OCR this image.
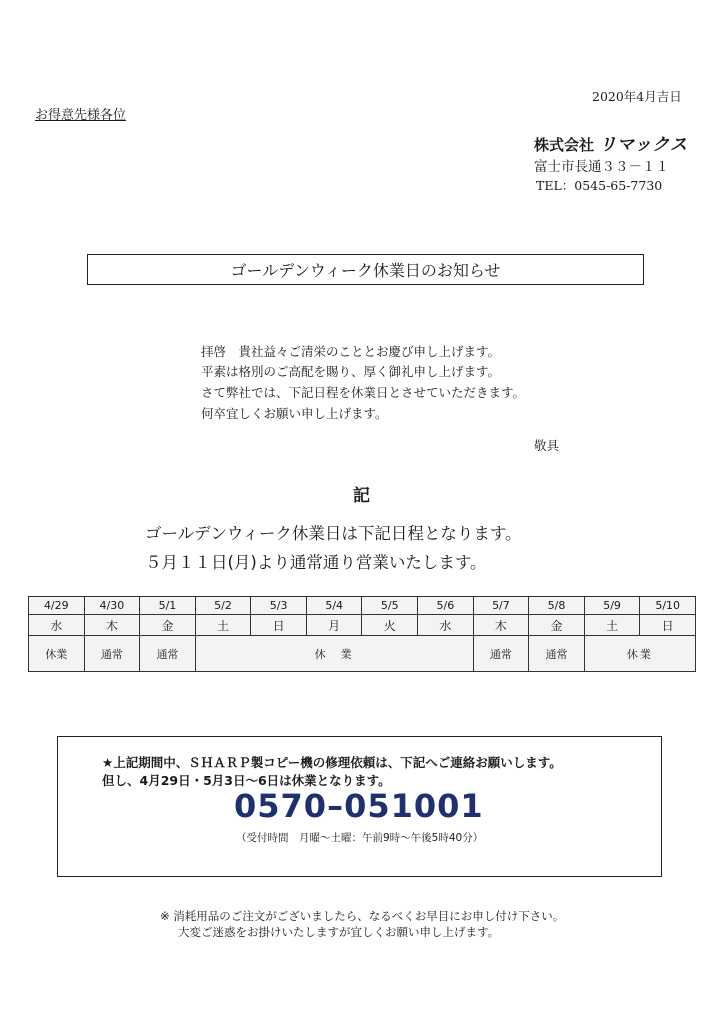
2020年4月吉日
お得意先様各位
株式会社 リマックス
富士市長通３３－１１
TEL：0545-65-7730
ゴールデンウィーク休業日のお知らせ
拝啓　貴社益々ご清栄のこととお慶び申し上げます。
平素は格別のご高配を賜り、厚く御礼申し上げます。
さて弊社では、下記日程を休業日とさせていただきます。
何卒宜しくお願い申し上げます。
敬具
記
ゴールデンウィーク休業日は下記日程となります。
５月１１日(月)より通常通り営業いたします。
4/29	4/30	5/1	5/2	5/3	5/4	5/5	5/6	5/7	5/8	5/9	5/10
水	木	金	土	日	月	火	水	木	金	土	日
休業	通常	通常	休　業					通常	通常	休業	
★上記期間中、ＳＨＡＲＰ製コピー機の修理依頼は、下記へご連絡お願いします。
但し、4月29日・5月3日～6日は休業となります。
0570–051001
（受付時間　月曜～土曜：午前9時～午後5時40分）
※ 消耗用品のご注文がございましたら、なるべくお早目にお申し付け下さい。
大変ご迷惑をお掛けいたしますが宜しくお願い申し上げます。
